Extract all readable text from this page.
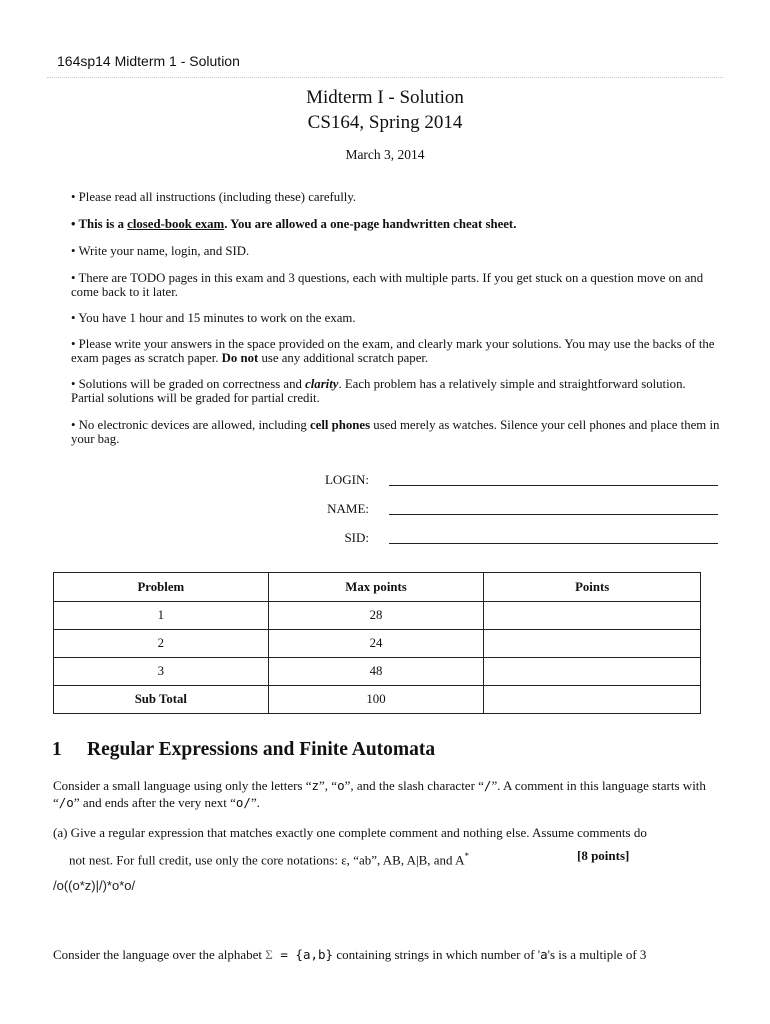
164sp14 Midterm 1 - Solution
Midterm I - Solution
CS164, Spring 2014
March 3, 2014
• Please read all instructions (including these) carefully.
• This is a closed-book exam. You are allowed a one-page handwritten cheat sheet.
• Write your name, login, and SID.
• There are TODO pages in this exam and 3 questions, each with multiple parts. If you get stuck on a question move on and come back to it later.
• You have 1 hour and 15 minutes to work on the exam.
• Please write your answers in the space provided on the exam, and clearly mark your solutions. You may use the backs of the exam pages as scratch paper. Do not use any additional scratch paper.
• Solutions will be graded on correctness and clarity. Each problem has a relatively simple and straightforward solution. Partial solutions will be graded for partial credit.
• No electronic devices are allowed, including cell phones used merely as watches. Silence your cell phones and place them in your bag.
LOGIN:
NAME:
SID:
Problem	Max points	Points
1	28	
2	24	
3	48	
Sub Total	100	
1 Regular Expressions and Finite Automata
Consider a small language using only the letters “z”, “o”, and the slash character “/”. A comment in this language starts with “/o” and ends after the very next “o/”.
(a) Give a regular expression that matches exactly one complete comment and nothing else. Assume comments do
not nest. For full credit, use only the core notations: ε, “ab”, AB, A|B, and A*	[8 points]
/o((o*z)|/)*o*o/
Consider the language over the alphabet Σ = {a,b} containing strings in which number of 'a's is a multiple of 3
